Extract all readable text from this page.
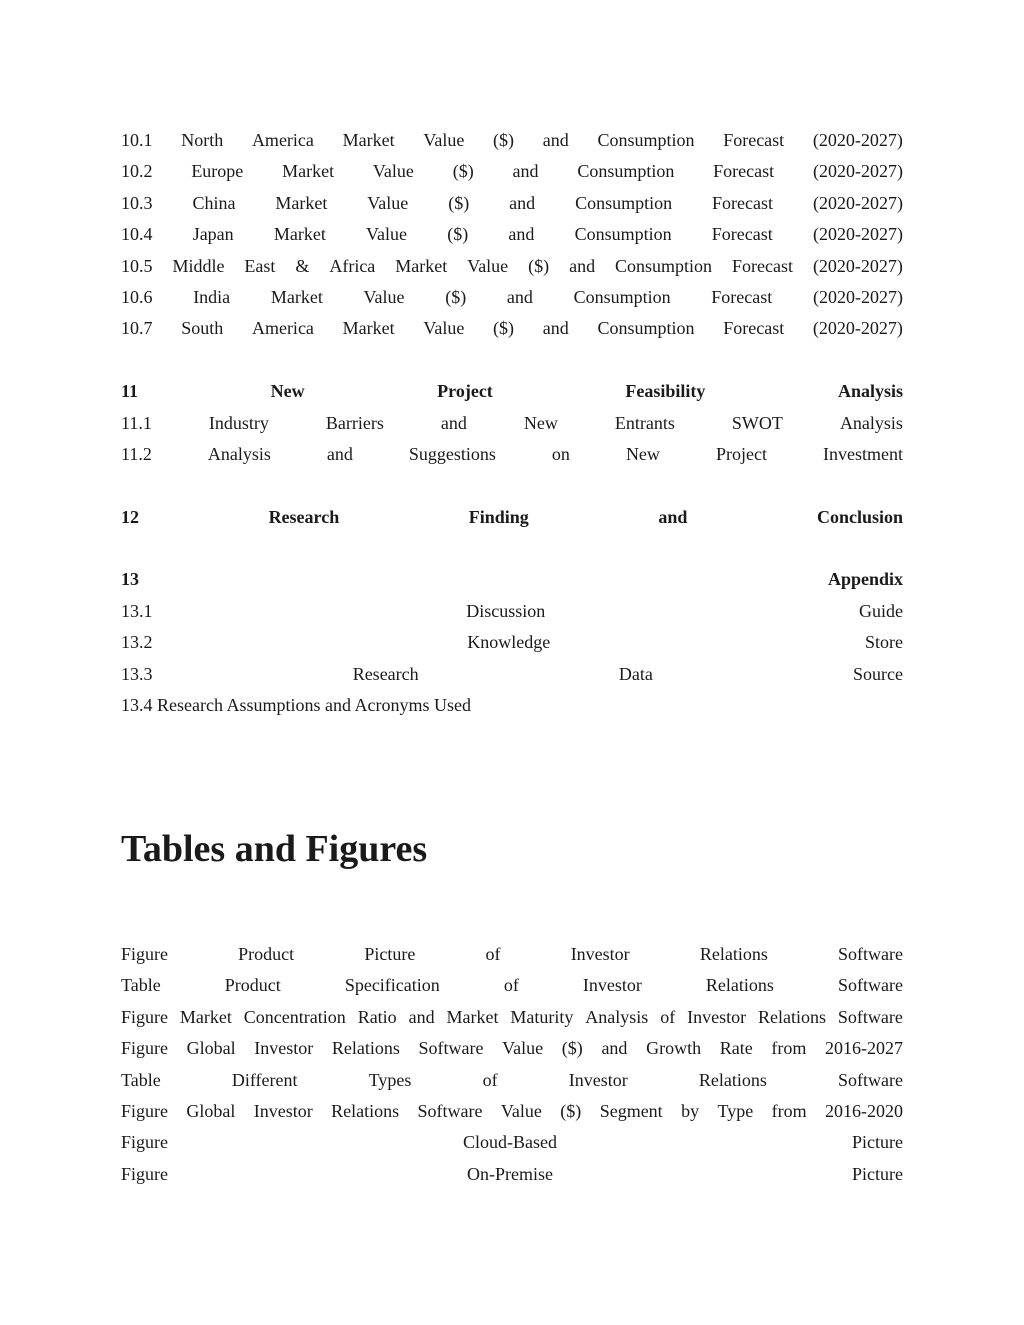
10.1 North America Market Value ($) and Consumption Forecast (2020-2027)
10.2 Europe Market Value ($) and Consumption Forecast (2020-2027)
10.3 China Market Value ($) and Consumption Forecast (2020-2027)
10.4 Japan Market Value ($) and Consumption Forecast (2020-2027)
10.5 Middle East & Africa Market Value ($) and Consumption Forecast (2020-2027)
10.6 India Market Value ($) and Consumption Forecast (2020-2027)
10.7 South America Market Value ($) and Consumption Forecast (2020-2027)
11	New	Project	Feasibility	Analysis
11.1	Industry	Barriers	and	New	Entrants	SWOT	Analysis
11.2	Analysis	and	Suggestions	on	New	Project	Investment
12	Research	Finding	and	Conclusion
13	Appendix
13.1	Discussion	Guide
13.2	Knowledge	Store
13.3	Research	Data	Source
13.4 Research Assumptions and Acronyms Used
Tables and Figures
Figure	Product	Picture	of	Investor	Relations	Software
Table	Product	Specification	of	Investor	Relations	Software
Figure Market Concentration Ratio and Market Maturity Analysis of Investor Relations Software
Figure Global Investor Relations Software Value ($) and Growth Rate from 2016-2027
Table	Different	Types	of	Investor	Relations	Software
Figure Global Investor Relations Software Value ($) Segment by Type from 2016-2020
Figure	Cloud-Based	Picture
Figure	On-Premise	Picture
